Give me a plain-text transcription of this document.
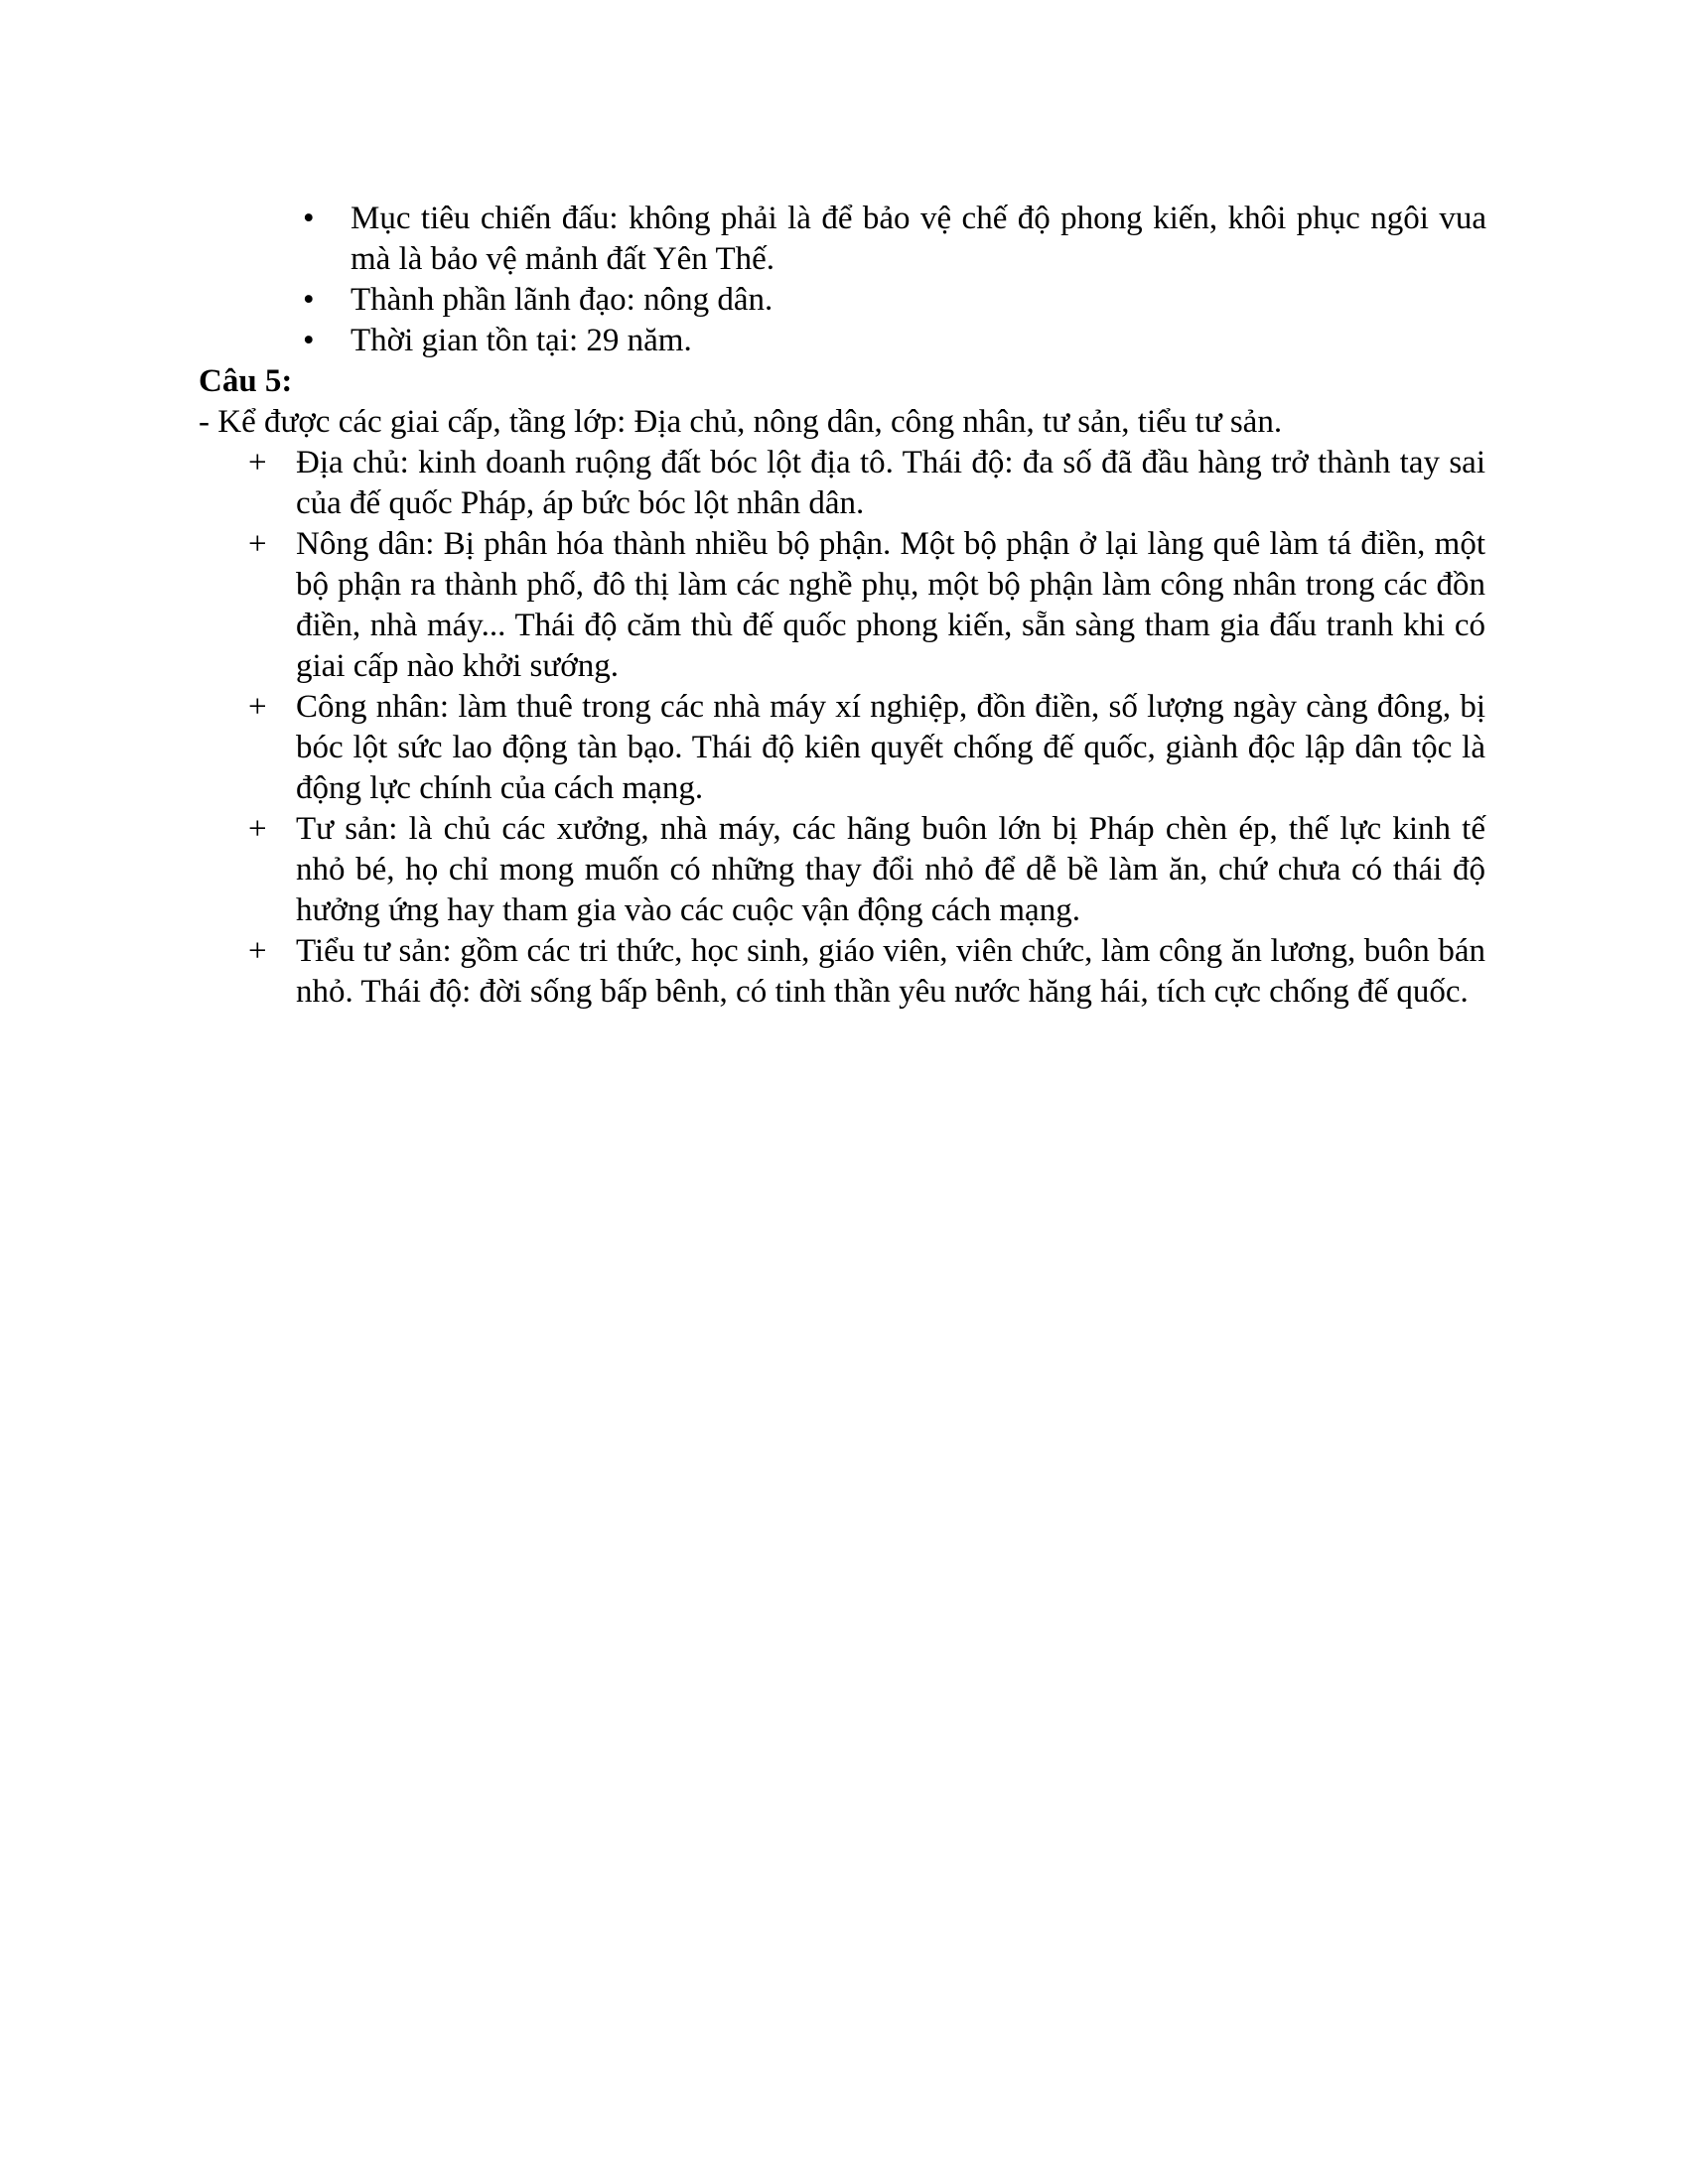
•	Mục tiêu chiến đấu: không phải là để bảo vệ chế độ phong kiến, khôi phục ngôi vua mà là bảo vệ mảnh đất Yên Thế.
•	Thành phần lãnh đạo: nông dân.
•	Thời gian tồn tại: 29 năm.

Câu 5:

- Kể được các giai cấp, tầng lớp: Địa chủ, nông dân, công nhân, tư sản, tiểu tư sản.

+ Địa chủ: kinh doanh ruộng đất bóc lột địa tô. Thái độ: đa số đã đầu hàng trở thành tay sai của đế quốc Pháp, áp bức bóc lột nhân dân.
+ Nông dân: Bị phân hóa thành nhiều bộ phận. Một bộ phận ở lại làng quê làm tá điền, một bộ phận ra thành phố, đô thị làm các nghề phụ, một bộ phận làm công nhân trong các đồn điền, nhà máy... Thái độ căm thù đế quốc phong kiến, sẵn sàng tham gia đấu tranh khi có giai cấp nào khởi sướng.
+ Công nhân: làm thuê trong các nhà máy xí nghiệp, đồn điền, số lượng ngày càng đông, bị bóc lột sức lao động tàn bạo. Thái độ kiên quyết chống đế quốc, giành độc lập dân tộc là động lực chính của cách mạng.
+ Tư sản: là chủ các xưởng, nhà máy, các hãng buôn lớn bị Pháp chèn ép, thế lực kinh tế nhỏ bé, họ chỉ mong muốn có những thay đổi nhỏ để dễ bề làm ăn, chứ chưa có thái độ hưởng ứng hay tham gia vào các cuộc vận động cách mạng.
+ Tiểu tư sản: gồm các tri thức, học sinh, giáo viên, viên chức, làm công ăn lương, buôn bán nhỏ. Thái độ: đời sống bấp bênh, có tinh thần yêu nước hăng hái, tích cực chống đế quốc.
